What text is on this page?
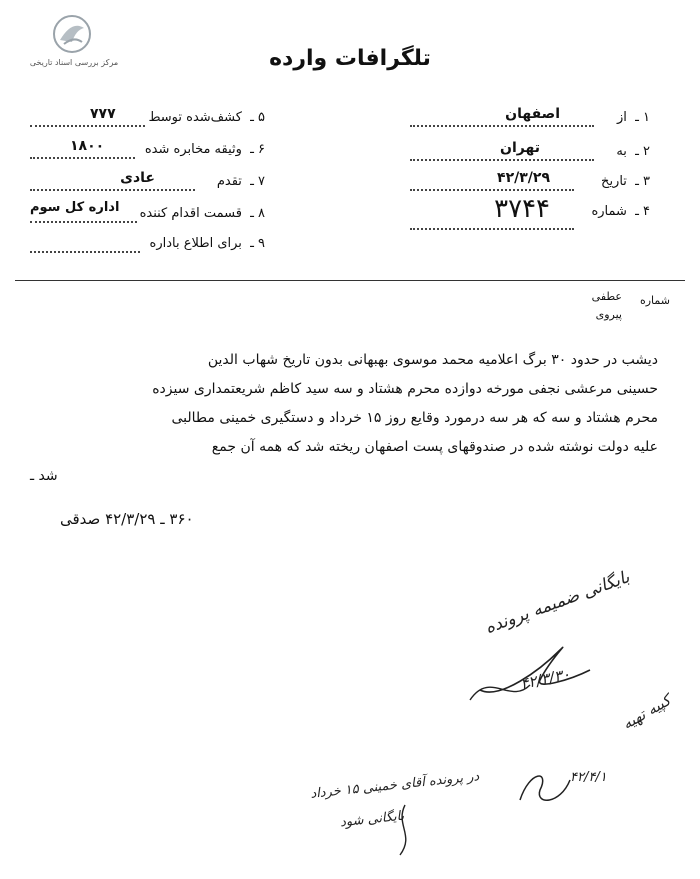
مرکز بررسی اسناد تاریخی	تلگرافات وارده
۱ ـ از
اصفهان
۲ ـ به
تهران
۳ ـ تاریخ
۴۲/۳/۲۹
۴ ـ شماره
۳۷۴۴
۵ ـ کشف‌شده توسط
۷۷۷
۶ ـ وثیقه مخابره شده
۱۸۰۰
۷ ـ تقدم
عادی
۸ ـ قسمت اقدام کننده
اداره کل سوم
۹ ـ برای اطلاع باداره
شماره
عطفی
پیروی

دیشب در حدود ۳۰ برگ اعلامیه محمد موسوی بهبهانی بدون تاریخ شهاب الدین

حسینی مرعشی نجفی مورخه دوازده محرم هشتاد و سه سید کاظم شریعتمداری سیزده

محرم هشتاد و سه که هر سه درمورد وقایع روز ۱۵ خرداد و دستگیری خمینی مطالبی

علیه دولت نوشته شده در صندوقهای پست اصفهان ریخته شد که همه آن جمع

شد ـ

۳۶۰ ـ ۴۲/۳/۲۹ صدقی
بایگانی ضمیمه پرونده
۴۲/۳/۳۰
کپیه تهیه
۴۲/۴/۱
در پرونده آقای خمینی ۱۵ خرداد
بایگانی شود
